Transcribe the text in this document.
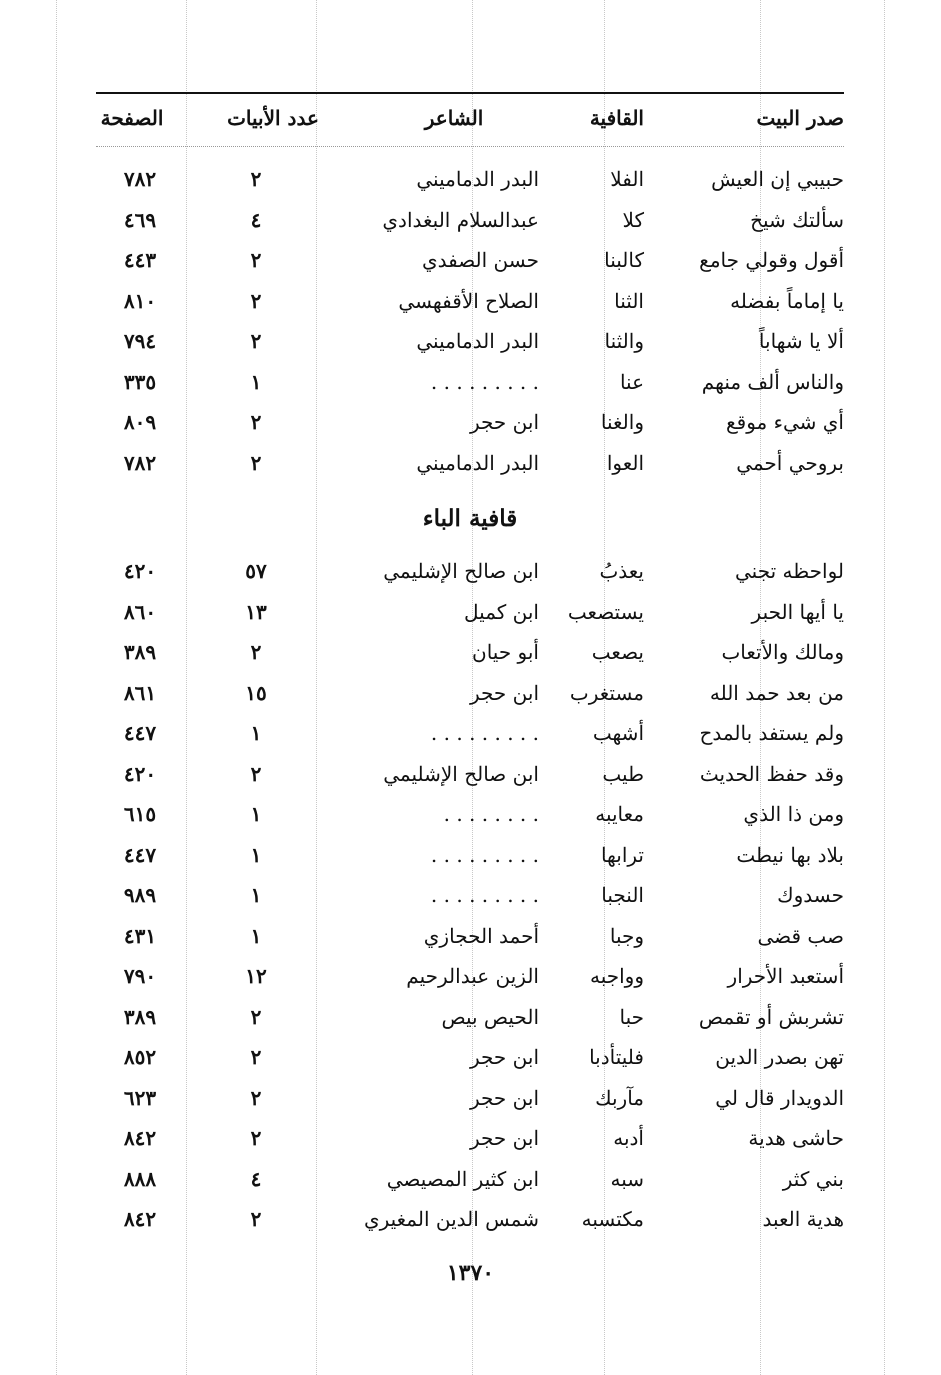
صدر البيت
القافية
الشاعر
عدد الأبيات
الصفحة
حبيبي إن العيش
الفلا
البدر الدماميني
٢
٧٨٢
سألتك شيخ
كلا
عبدالسلام البغدادي
٤
٤٦٩
أقول وقولي جامع
كالبنا
حسن الصفدي
٢
٤٤٣
يا إماماً بفضله
الثنا
الصلاح الأقفهسي
٢
٨١٠
ألا يا شهاباً
والثنا
البدر الدماميني
٢
٧٩٤
والناس ألف منهم
عنا
. . . . . . . . .
١
٣٣٥
أي شيء موقع
والغنا
ابن حجر
٢
٨٠٩
بروحي أحمي
العوا
البدر الدماميني
٢
٧٨٢
قافية الباء
لواحظه تجني
يعذبُ
ابن صالح الإشليمي
٥٧
٤٢٠
يا أيها الحبر
يستصعب
ابن كميل
١٣
٨٦٠
ومالك والأتعاب
يصعب
أبو حيان
٢
٣٨٩
من بعد حمد الله
مستغرب
ابن حجر
١٥
٨٦١
ولم يستفد بالمدح
أشهب
. . . . . . . . .
١
٤٤٧
وقد حفظ الحديث
طيب
ابن صالح الإشليمي
٢
٤٢٠
ومن ذا الذي
معايبه
. . . . . . . .
١
٦١٥
بلاد بها نيطت
ترابها
. . . . . . . . .
١
٤٤٧
حسدوك
النجبا
. . . . . . . . .
١
٩٨٩
صب قضى
وجبا
أحمد الحجازي
١
٤٣١
أستعبد الأحرار
وواجبه
الزين عبدالرحيم
١٢
٧٩٠
تشربش أو تقمص
حبا
الحيص بيص
٢
٣٨٩
تهن بصدر الدين
فليتأدبا
ابن حجر
٢
٨٥٢
الدويدار قال لي
مآربك
ابن حجر
٢
٦٢٣
حاشى هدية
أدبه
ابن حجر
٢
٨٤٢
بني كثر
سبه
ابن كثير المصيصي
٤
٨٨٨
هدية العبد
مكتسبه
شمس الدين المغيري
٢
٨٤٢
١٣٧٠
